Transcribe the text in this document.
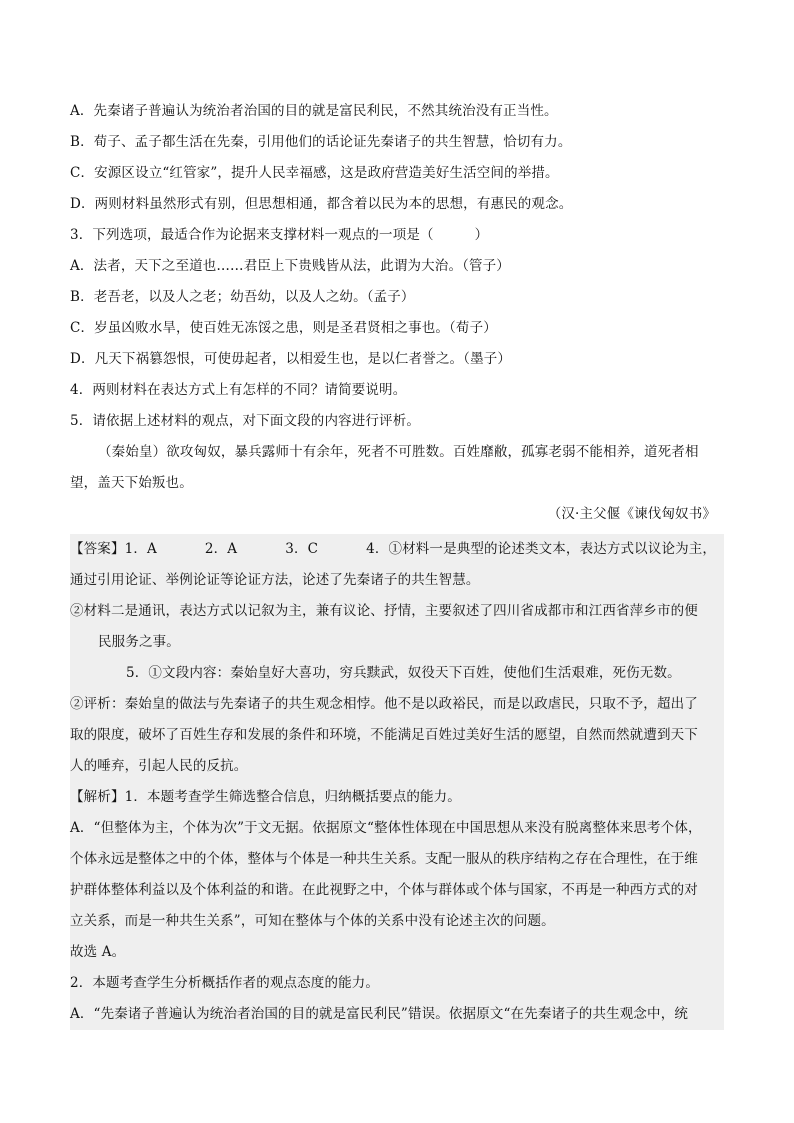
A．先秦诸子普遍认为统治者治国的目的就是富民利民，不然其统治没有正当性。
B．荀子、孟子都生活在先秦，引用他们的话论证先秦诸子的共生智慧，恰切有力。
C．安源区设立“红管家”，提升人民幸福感，这是政府营造美好生活空间的举措。
D．两则材料虽然形式有别，但思想相通，都含着以民为本的思想，有惠民的观念。
3．下列选项，最适合作为论据来支撑材料一观点的一项是（　　　）
A．法者，天下之至道也……君臣上下贵贱皆从法，此谓为大治。（管子）
B．老吾老，以及人之老；幼吾幼，以及人之幼。（孟子）
C．岁虽凶败水旱，使百姓无冻馁之患，则是圣君贤相之事也。（荀子）
D．凡天下祸篡怨恨，可使毋起者，以相爱生也，是以仁者誉之。（墨子）
4．两则材料在表达方式上有怎样的不同？请简要说明。
5．请依据上述材料的观点，对下面文段的内容进行评析。
（秦始皇）欲攻匈奴，暴兵露师十有余年，死者不可胜数。百姓靡敝，孤寡老弱不能相养，道死者相
望，盖天下始叛也。
（汉·主父偃《谏伐匈奴书》
【答案】1．A	2．A	3．C	4．①材料一是典型的论述类文本，表达方式以议论为主，
通过引用论证、举例论证等论证方法，论述了先秦诸子的共生智慧。
②材料二是通讯，表达方式以记叙为主，兼有议论、抒情，主要叙述了四川省成都市和江西省萍乡市的便
民服务之事。
5．①文段内容：秦始皇好大喜功，穷兵黩武，奴役天下百姓，使他们生活艰难，死伤无数。
②评析：秦始皇的做法与先秦诸子的共生观念相悖。他不是以政裕民，而是以政虐民，只取不予，超出了
取的限度，破坏了百姓生存和发展的条件和环境，不能满足百姓过美好生活的愿望，自然而然就遭到天下
人的唾弃，引起人民的反抗。
【解析】1．本题考查学生筛选整合信息，归纳概括要点的能力。
A．“但整体为主，个体为次”于文无据。依据原文“整体性体现在中国思想从来没有脱离整体来思考个体，
个体永远是整体之中的个体，整体与个体是一种共生关系。支配一服从的秩序结构之存在合理性，在于维
护群体整体利益以及个体利益的和谐。在此视野之中，个体与群体或个体与国家，不再是一种西方式的对
立关系，而是一种共生关系”，可知在整体与个体的关系中没有论述主次的问题。
故选 A。
2．本题考查学生分析概括作者的观点态度的能力。
A．“先秦诸子普遍认为统治者治国的目的就是富民利民”错误。依据原文“在先秦诸子的共生观念中，统
